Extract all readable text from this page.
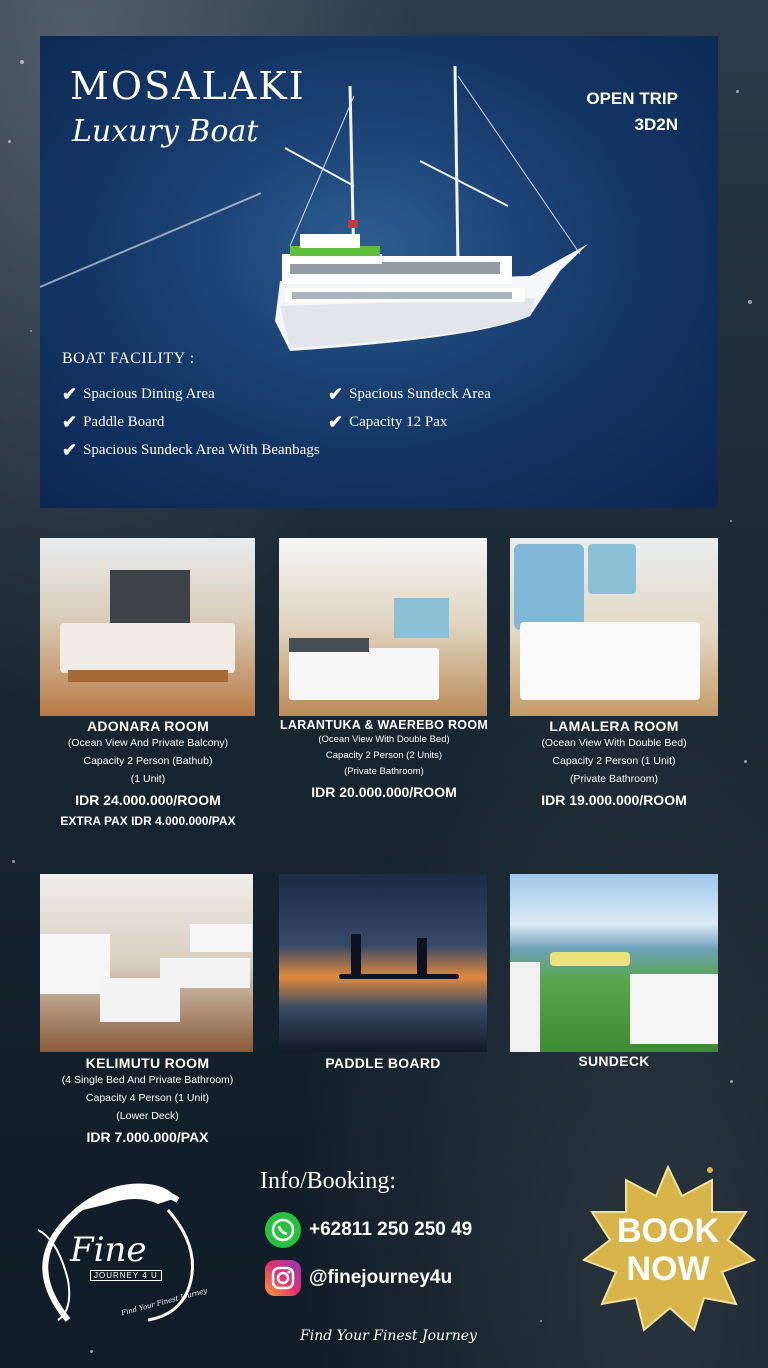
MOSALAKI
Luxury Boat
OPEN TRIP
3D2N
BOAT FACILITY :
✔ Spacious Dining Area	✔ Spacious Sundeck Area
✔ Paddle Board	✔ Capacity 12 Pax
✔ Spacious Sundeck Area With Beanbags
ADONARA ROOM
(Ocean View And Private Balcony)
Capacity 2 Person (Bathub)
(1 Unit)
IDR 24.000.000/ROOM
EXTRA PAX IDR 4.000.000/PAX
LARANTUKA & WAEREBO ROOM
(Ocean View With Double Bed)
Capacity 2 Person (2 Units)
(Private Bathroom)
IDR 20.000.000/ROOM
LAMALERA ROOM
(Ocean View With Double Bed)
Capacity 2 Person (1 Unit)
(Private Bathroom)
IDR 19.000.000/ROOM
KELIMUTU ROOM
(4 Single Bed And Private Bathroom)
Capacity 4 Person (1 Unit)
(Lower Deck)
IDR 7.000.000/PAX
PADDLE BOARD	SUNDECK
Fine
JOURNEY 4 U
Find Your Finest Journey
Info/Booking:
+62811 250 250 49
@finejourney4u
BOOK
NOW
Find Your Finest Journey
